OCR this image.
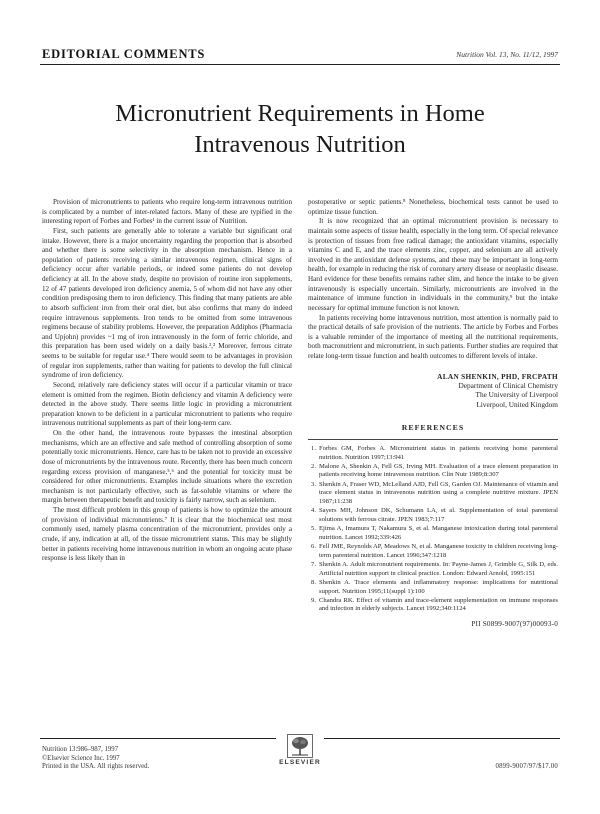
EDITORIAL COMMENTS	Nutrition Vol. 13, No. 11/12, 1997
Micronutrient Requirements in Home
Intravenous Nutrition

Provision of micronutrients to patients who require long-term intravenous nutrition is complicated by a number of inter-related factors. Many of these are typified in the interesting report of Forbes and Forbes¹ in the current issue of Nutrition.

First, such patients are generally able to tolerate a variable but significant oral intake. However, there is a major uncertainty regarding the proportion that is absorbed and whether there is some selectivity in the absorption mechanism. Hence in a population of patients receiving a similar intravenous regimen, clinical signs of deficiency occur after variable periods, or indeed some patients do not develop deficiency at all. In the above study, despite no provision of routine iron supplements, 12 of 47 patients developed iron deficiency anemia, 5 of whom did not have any other condition predisposing them to iron deficiency. This finding that many patients are able to absorb sufficient iron from their oral diet, but also confirms that many do indeed require intravenous supplements. Iron tends to be omitted from some intravenous regimens because of stability problems. However, the preparation Addiphos (Pharmacia and Upjohn) provides ~1 mg of iron intravenously in the form of ferric chloride, and this preparation has been used widely on a daily basis.²,³ Moreover, ferrous citrate seems to be suitable for regular use.⁴ There would seem to be advantages in provision of regular iron supplements, rather than waiting for patients to develop the full clinical syndrome of iron deficiency.

Second, relatively rare deficiency states will occur if a particular vitamin or trace element is omitted from the regimen. Biotin deficiency and vitamin A deficiency were detected in the above study. There seems little logic in providing a micronutrient preparation known to be deficient in a particular micronutrient to patients who require intravenous nutritional supplements as part of their long-term care.

On the other hand, the intravenous route bypasses the intestinal absorption mechanisms, which are an effective and safe method of controlling absorption of some potentially toxic micronutrients. Hence, care has to be taken not to provide an excessive dose of micronutrients by the intravenous route. Recently, there has been much concern regarding excess provision of manganese,⁵,⁶ and the potential for toxicity must be considered for other micronutrients. Examples include situations where the excretion mechanism is not particularly effective, such as fat-soluble vitamins or where the margin between therapeutic benefit and toxicity is fairly narrow, such as selenium.

The most difficult problem in this group of patients is how to optimize the amount of provision of individual micronutrients.⁷ It is clear that the biochemical test most commonly used, namely plasma concentration of the micronutrient, provides only a crude, if any, indication at all, of the tissue micronutrient status. This may be slightly better in patients receiving home intravenous nutrition in whom an ongoing acute phase response is less likely than in

postoperative or septic patients.⁸ Nonetheless, biochemical tests cannot be used to optimize tissue function.

It is now recognized that an optimal micronutrient provision is necessary to maintain some aspects of tissue health, especially in the long term. Of special relevance is protection of tissues from free radical damage; the antioxidant vitamins, especially vitamins C and E, and the trace elements zinc, copper, and selenium are all actively involved in the antioxidant defense systems, and these may be important in long-term health, for example in reducing the risk of coronary artery disease or neoplastic disease. Hard evidence for these benefits remains rather slim, and hence the intake to be given intravenously is especially uncertain. Similarly, micronutrients are involved in the maintenance of immune function in individuals in the community,⁹ but the intake necessary for optimal immune function is not known.

In patients receiving home intravenous nutrition, most attention is normally paid to the practical details of safe provision of the nutrients. The article by Forbes and Forbes is a valuable reminder of the importance of meeting all the nutritional requirements, both macronutrient and micronutrient, in such patients. Further studies are required that relate long-term tissue function and health outcomes to different levels of intake.

ALAN SHENKIN, PHD, FRCPATH
Department of Clinical Chemistry
The University of Liverpool
Liverpool, United Kingdom
REFERENCES
1. Forbes GM, Forbes A. Micronutrient status in patients receiving home parenteral nutrition. Nutrition 1997;13:941
2. Malone A, Shenkin A, Fell GS, Irving MH. Evaluation of a trace element preparation in patients receiving home intravenous nutrition. Clin Nutr 1989;8:307
3. Shenkin A, Fraser WD, McLelland AJD, Fell GS, Garden OJ. Maintenance of vitamin and trace element status in intravenous nutrition using a complete nutritive mixture. JPEN 1987;11:238
4. Sayers MH, Johnson DK, Schumann LA, et al. Supplementation of total parenteral solutions with ferrous citrate. JPEN 1983;7:117
5. Ejima A, Imamura T, Nakamura S, et al. Manganese intoxication during total parenteral nutrition. Lancet 1992;339:426
6. Fell JME, Reynolds AP, Meadows N, et al. Manganese toxicity in children receiving long-term parenteral nutrition. Lancet 1996;347:1218
7. Shenkin A. Adult micronutrient requirements. In: Payne-James J, Grimble G, Silk D, eds. Artificial nutrition support in clinical practice. London: Edward Arnold, 1995:151
8. Shenkin A. Trace elements and inflammatory response: implications for nutritional support. Nutrition 1995;11(suppl 1):100
9. Chandra RK. Effect of vitamin and trace-element supplementation on immune responses and infection in elderly subjects. Lancet 1992;340:1124
PII S0899-9007(97)00093-0
Nutrition 13:986–987, 1997
©Elsevier Science Inc. 1997
Printed in the USA. All rights reserved.
ELSEVIER
0899-9007/97/$17.00
